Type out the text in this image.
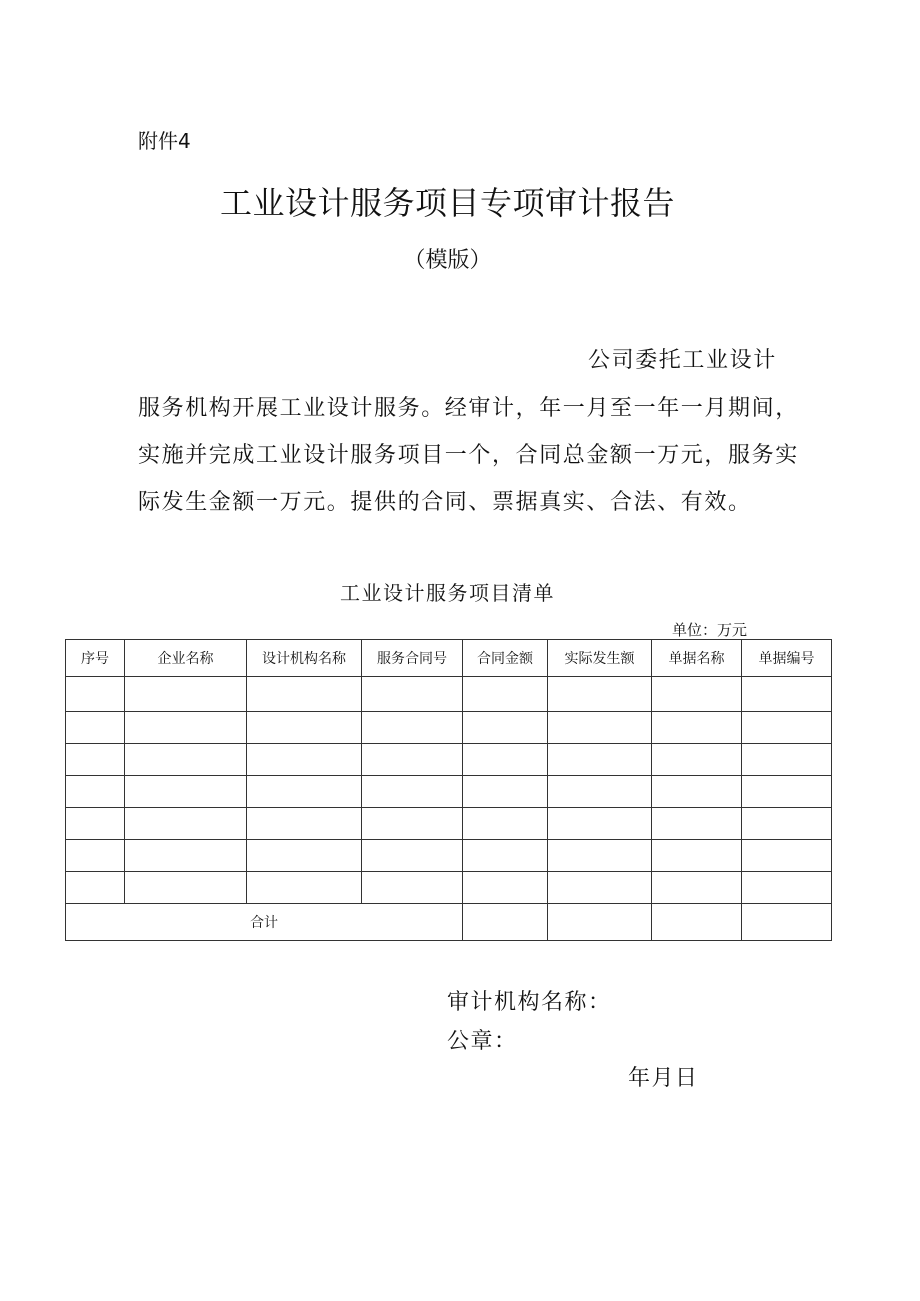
附件4
工业设计服务项目专项审计报告
（模版）
公司委托工业设计
服务机构开展工业设计服务。经审计，年一月至一年一月期间，
实施并完成工业设计服务项目一个，合同总金额一万元，服务实
际发生金额一万元。提供的合同、票据真实、合法、有效。
工业设计服务项目清单
单位：万元
序号	企业名称	设计机构名称	服务合同号	合同金额	实际发生额	单据名称	单据编号

合计							
审计机构名称：
公章：
年月日
